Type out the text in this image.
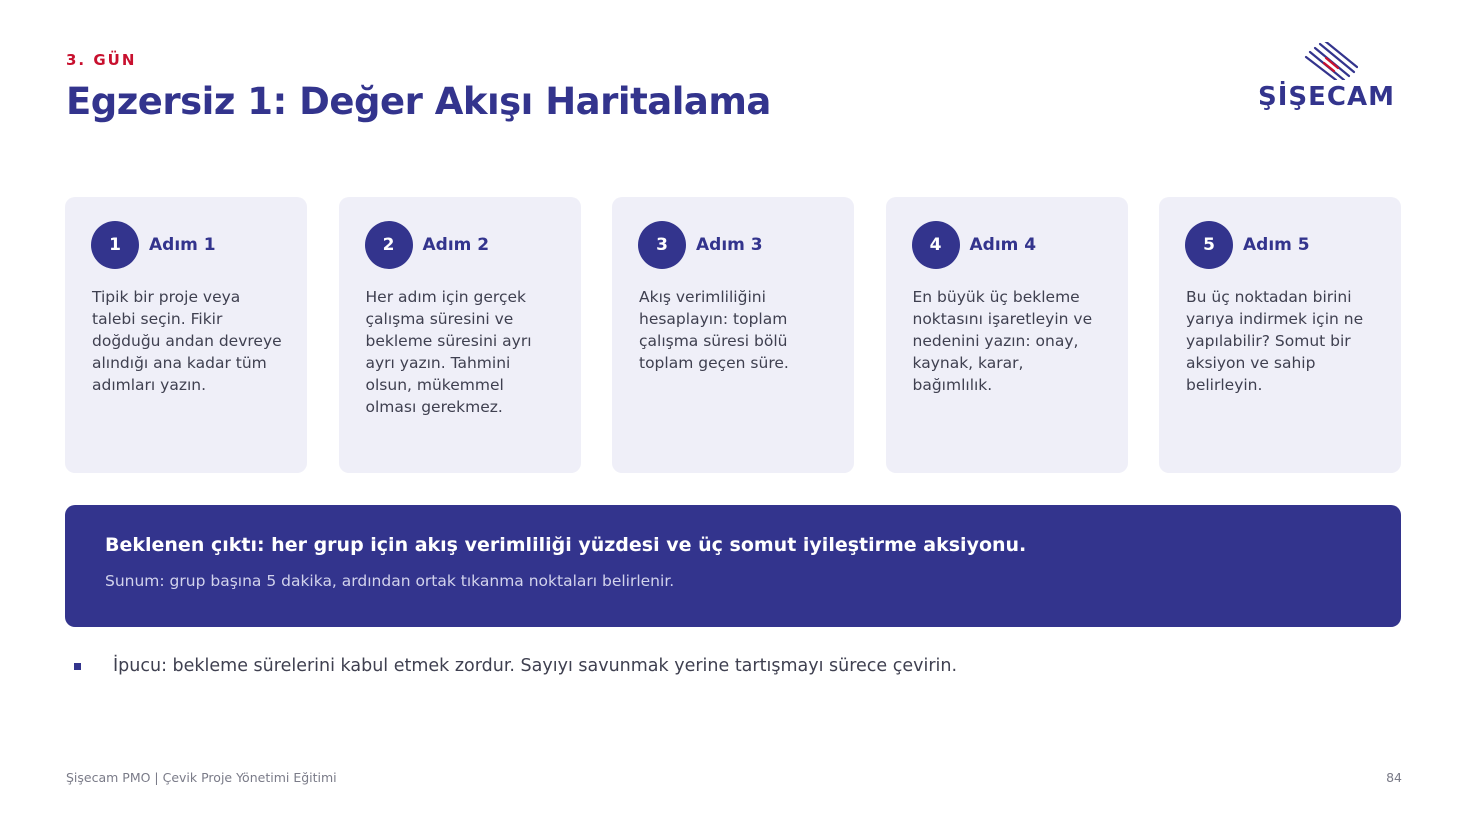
3. GÜN
Egzersiz 1: Değer Akışı Haritalama	ŞİŞECAM
1	Adım 1
Tipik bir proje veya talebi seçin. Fikir doğduğu andan devreye alındığı ana kadar tüm adımları yazın.
2	Adım 2
Her adım için gerçek çalışma süresini ve bekleme süresini ayrı ayrı yazın. Tahmini olsun, mükemmel olması gerekmez.
3	Adım 3
Akış verimliliğini hesaplayın: toplam çalışma süresi bölü toplam geçen süre.
4	Adım 4
En büyük üç bekleme noktasını işaretleyin ve nedenini yazın: onay, kaynak, karar, bağımlılık.
5	Adım 5
Bu üç noktadan birini yarıya indirmek için ne yapılabilir? Somut bir aksiyon ve sahip belirleyin.
Beklenen çıktı: her grup için akış verimliliği yüzdesi ve üç somut iyileştirme aksiyonu.
Sunum: grup başına 5 dakika, ardından ortak tıkanma noktaları belirlenir.
İpucu: bekleme sürelerini kabul etmek zordur. Sayıyı savunmak yerine tartışmayı sürece çevirin.
Şişecam PMO | Çevik Proje Yönetimi Eğitimi	84
